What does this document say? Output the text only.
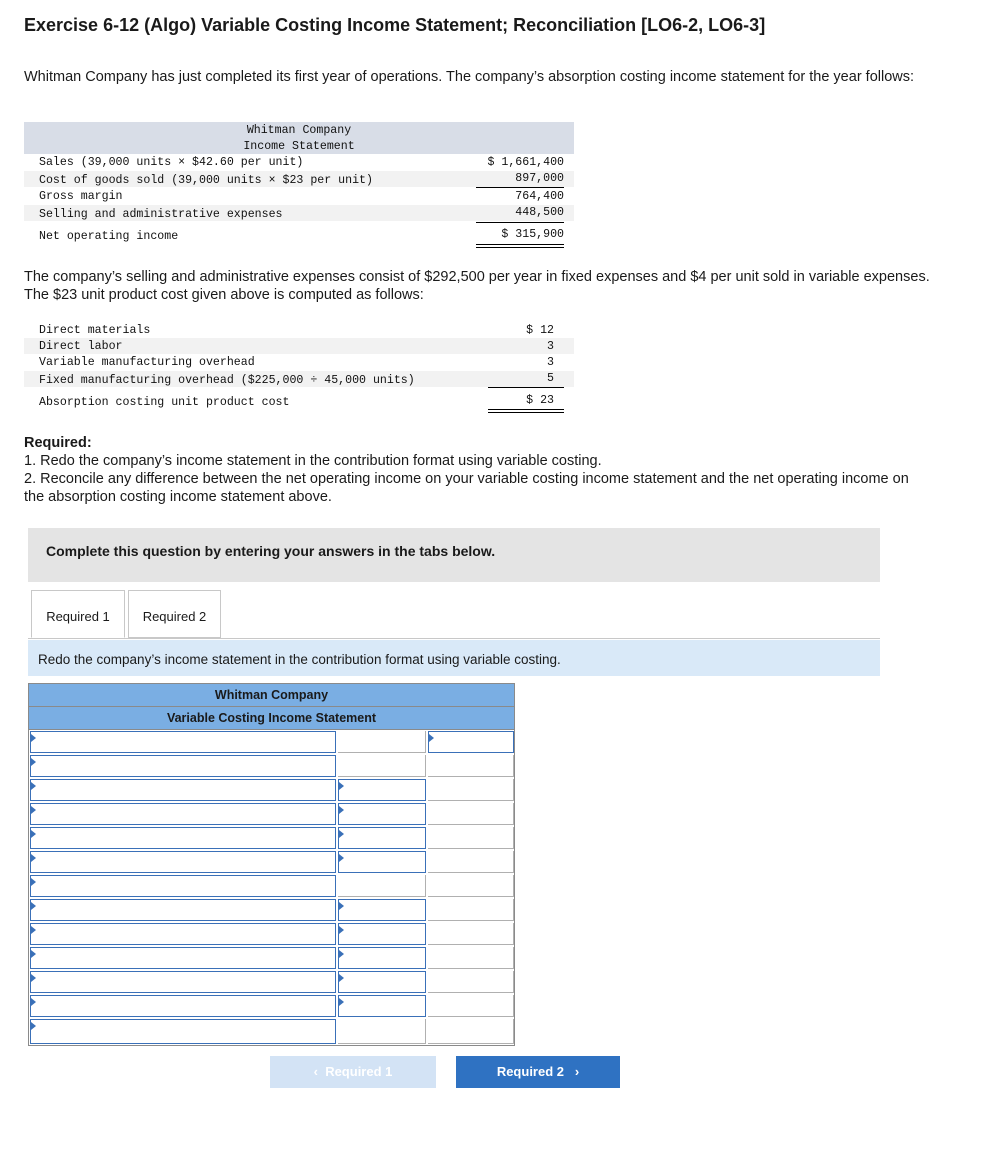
Exercise 6-12 (Algo) Variable Costing Income Statement; Reconciliation [LO6-2, LO6-3]
Whitman Company has just completed its first year of operations. The company’s absorption costing income statement for the year follows:
Whitman Company
Income Statement
Sales (39,000 units × $42.60 per unit)	$ 1,661,400
Cost of goods sold (39,000 units × $23 per unit)	897,000
Gross margin	764,400
Selling and administrative expenses	448,500
Net operating income	$ 315,900
The company’s selling and administrative expenses consist of $292,500 per year in fixed expenses and $4 per unit sold in variable expenses. The $23 unit product cost given above is computed as follows:
Direct materials	$ 12
Direct labor	3
Variable manufacturing overhead	3
Fixed manufacturing overhead ($225,000 ÷ 45,000 units)	5
Absorption costing unit product cost	$ 23
Required:
1. Redo the company’s income statement in the contribution format using variable costing.
2. Reconcile any difference between the net operating income on your variable costing income statement and the net operating income on the absorption costing income statement above.
Complete this question by entering your answers in the tabs below.
Required 1	Required 2
Redo the company’s income statement in the contribution format using variable costing.
Whitman Company
Variable Costing Income Statement
‹ Required 1	Required 2 ›
